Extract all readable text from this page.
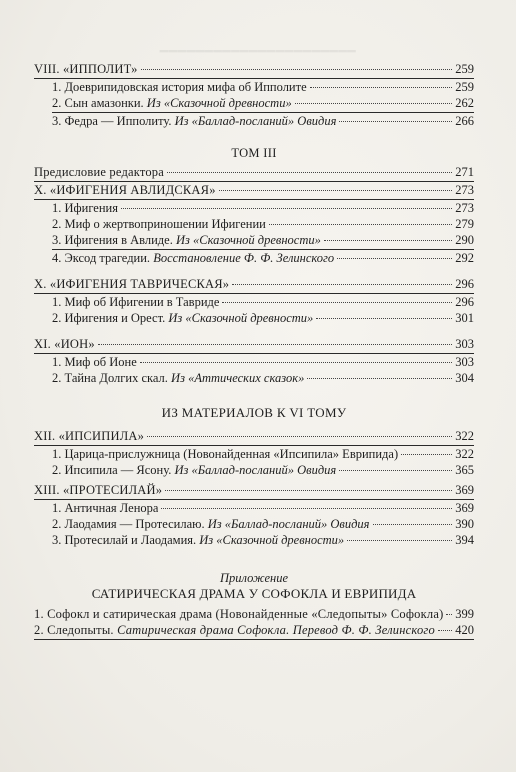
━━━━━━━━━━━━━━━━━━━━━━
VIII. «ИППОЛИТ»	259
1. Доеврипидовская история мифа об Ипполите	259
2. Сын амазонки. Из «Сказочной древности»	262
3. Федра — Ипполиту. Из «Баллад-посланий» Овидия	266
ТОМ III
Предисловие редактора	271
X. «ИФИГЕНИЯ АВЛИДСКАЯ»	273
1. Ифигения	273
2. Миф о жертвоприношении Ифигении	279
3. Ифигения в Авлиде. Из «Сказочной древности»	290
4. Эксод трагедии. Восстановление Ф. Ф. Зелинского	292
X. «ИФИГЕНИЯ ТАВРИЧЕСКАЯ»	296
1. Миф об Ифигении в Тавриде	296
2. Ифигения и Орест. Из «Сказочной древности»	301
XI. «ИОН»	303
1. Миф об Ионе	303
2. Тайна Долгих скал. Из «Аттических сказок»	304
ИЗ МАТЕРИАЛОВ К VI ТОМУ
XII. «ИПСИПИЛА»	322
1. Царица-прислужница (Новонайденная «Ипсипила» Еврипида)	322
2. Ипсипила — Ясону. Из «Баллад-посланий» Овидия	365
XIII. «ПРОТЕСИЛАЙ»	369
1. Античная Ленора	369
2. Лаодамия — Протесилаю. Из «Баллад-посланий» Овидия	390
3. Протесилай и Лаодамия. Из «Сказочной древности»	394
Приложение
САТИРИЧЕСКАЯ ДРАМА У СОФОКЛА И ЕВРИПИДА
1. Софокл и сатирическая драма (Новонайденные «Следопыты» Софокла) 399
2. Следопыты. Сатирическая драма Софокла. Перевод Ф. Ф. Зелинского 420
